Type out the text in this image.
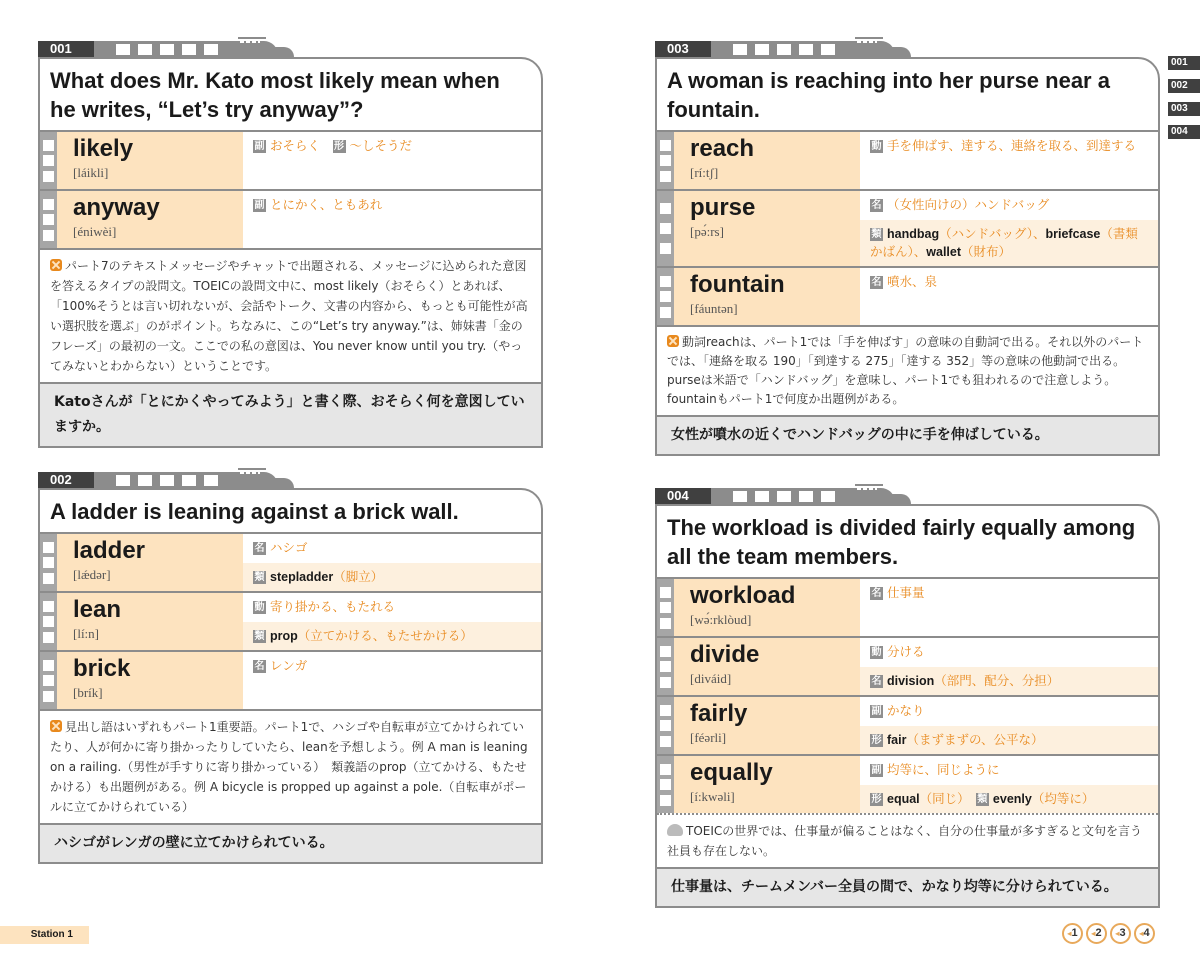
001
What does Mr. Kato most likely mean when he writes, “Let’s try anyway”?
likely
[láikli]
副 おそらく　形 ～しそうだ
anyway
[éniwèi]
副 とにかく、ともあれ
パート7のテキストメッセージやチャットで出題される、メッセージに込められた意図を答えるタイプの設問文。TOEICの設問文中に、most likely（おそらく）とあれば、「100%そうとは言い切れないが、会話やトーク、文書の内容から、もっとも可能性が高い選択肢を選ぶ」のがポイント。ちなみに、この“Let’s try anyway.”は、姉妹書「金のフレーズ」の最初の一文。ここでの私の意図は、You never know until you try.（やってみないとわからない）ということです。
Katoさんが「とにかくやってみよう」と書く際、おそらく何を意図していますか。
002
A ladder is leaning against a brick wall.
ladder
[lǽdər]
名 ハシゴ
類 stepladder（脚立）
lean
[lí:n]
動 寄り掛かる、もたれる
類 prop（立てかける、もたせかける）
brick
[brík]
名 レンガ
見出し語はいずれもパート1重要語。パート1で、ハシゴや自転車が立てかけられていたり、人が何かに寄り掛かったりしていたら、leanを予想しよう。例 A man is leaning on a railing.（男性が手すりに寄り掛かっている）　類義語のprop（立てかける、もたせかける）も出題例がある。例 A bicycle is propped up against a pole.（自転車がポールに立てかけられている）
ハシゴがレンガの壁に立てかけられている。
003
A woman is reaching into her purse near a fountain.
reach
[rí:tʃ]
動 手を伸ばす、達する、連絡を取る、到達する
purse
[pə́:rs]
名 （女性向けの）ハンドバッグ
類 handbag（ハンドバッグ）、briefcase（書類かばん）、wallet（財布）
fountain
[fáuntən]
名 噴水、泉
動詞reachは、パート1では「手を伸ばす」の意味の自動詞で出る。それ以外のパートでは、「連絡を取る 190」「到達する 275」「達する 352」等の意味の他動詞で出る。purseは米語で「ハンドバッグ」を意味し、パート1でも狙われるので注意しよう。fountainもパート1で何度か出題例がある。
女性が噴水の近くでハンドバッグの中に手を伸ばしている。
004
The workload is divided fairly equally among all the team members.
workload
[wə́:rklòud]
名 仕事量
divide
[diváid]
動 分ける
名 division（部門、配分、分担）
fairly
[féərli]
副 かなり
形 fair（まずまずの、公平な）
equally
[í:kwəli]
副 均等に、同じように
形 equal（同じ）　類 evenly（均等に）
TOEICの世界では、仕事量が偏ることはなく、自分の仕事量が多すぎると文句を言う社員も存在しない。
仕事量は、チームメンバー全員の間で、かなり均等に分けられている。
001
002
003
004
Station 1	◂ 1	◂ 2	◂ 3	◂ 4
